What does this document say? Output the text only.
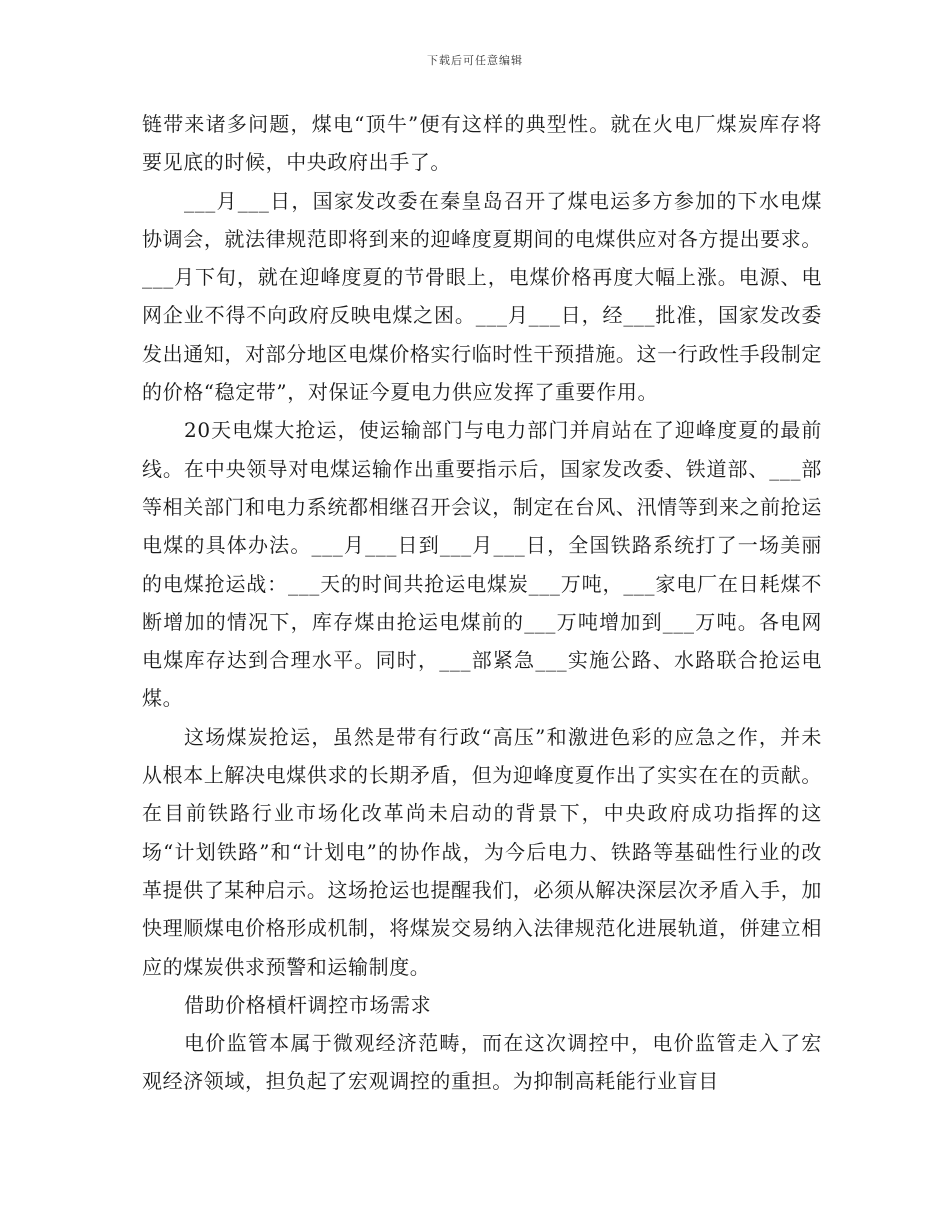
下载后可任意编辑

链带来诸多问题，煤电“顶牛”便有这样的典型性。就在火电厂煤炭库存将要见底的时候，中央政府出手了。

___月___日，国家发改委在秦皇岛召开了煤电运多方参加的下水电煤协调会，就法律规范即将到来的迎峰度夏期间的电煤供应对各方提出要求。___月下旬，就在迎峰度夏的节骨眼上，电煤价格再度大幅上涨。电源、电网企业不得不向政府反映电煤之困。___月___日，经___批准，国家发改委发出通知，对部分地区电煤价格实行临时性干预措施。这一行政性手段制定的价格“稳定带”，对保证今夏电力供应发挥了重要作用。

20天电煤大抢运，使运输部门与电力部门并肩站在了迎峰度夏的最前线。在中央领导对电煤运输作出重要指示后，国家发改委、铁道部、___部等相关部门和电力系统都相继召开会议，制定在台风、汛情等到来之前抢运电煤的具体办法。___月___日到___月___日，全国铁路系统打了一场美丽的电煤抢运战：___天的时间共抢运电煤炭___万吨，___家电厂在日耗煤不断增加的情况下，库存煤由抢运电煤前的___万吨增加到___万吨。各电网电煤库存达到合理水平。同时，___部紧急___实施公路、水路联合抢运电煤。

这场煤炭抢运，虽然是带有行政“高压”和激进色彩的应急之作，并未从根本上解决电煤供求的长期矛盾，但为迎峰度夏作出了实实在在的贡献。在目前铁路行业市场化改革尚未启动的背景下，中央政府成功指挥的这场“计划铁路”和“计划电”的协作战，为今后电力、铁路等基础性行业的改革提供了某种启示。这场抢运也提醒我们，必须从解决深层次矛盾入手，加快理顺煤电价格形成机制，将煤炭交易纳入法律规范化进展轨道，併建立相应的煤炭供求预警和运输制度。

借助价格槓杆调控市场需求

电价监管本属于微观经济范畴，而在这次调控中，电价监管走入了宏观经济领域，担负起了宏观调控的重担。为抑制高耗能行业盲目
